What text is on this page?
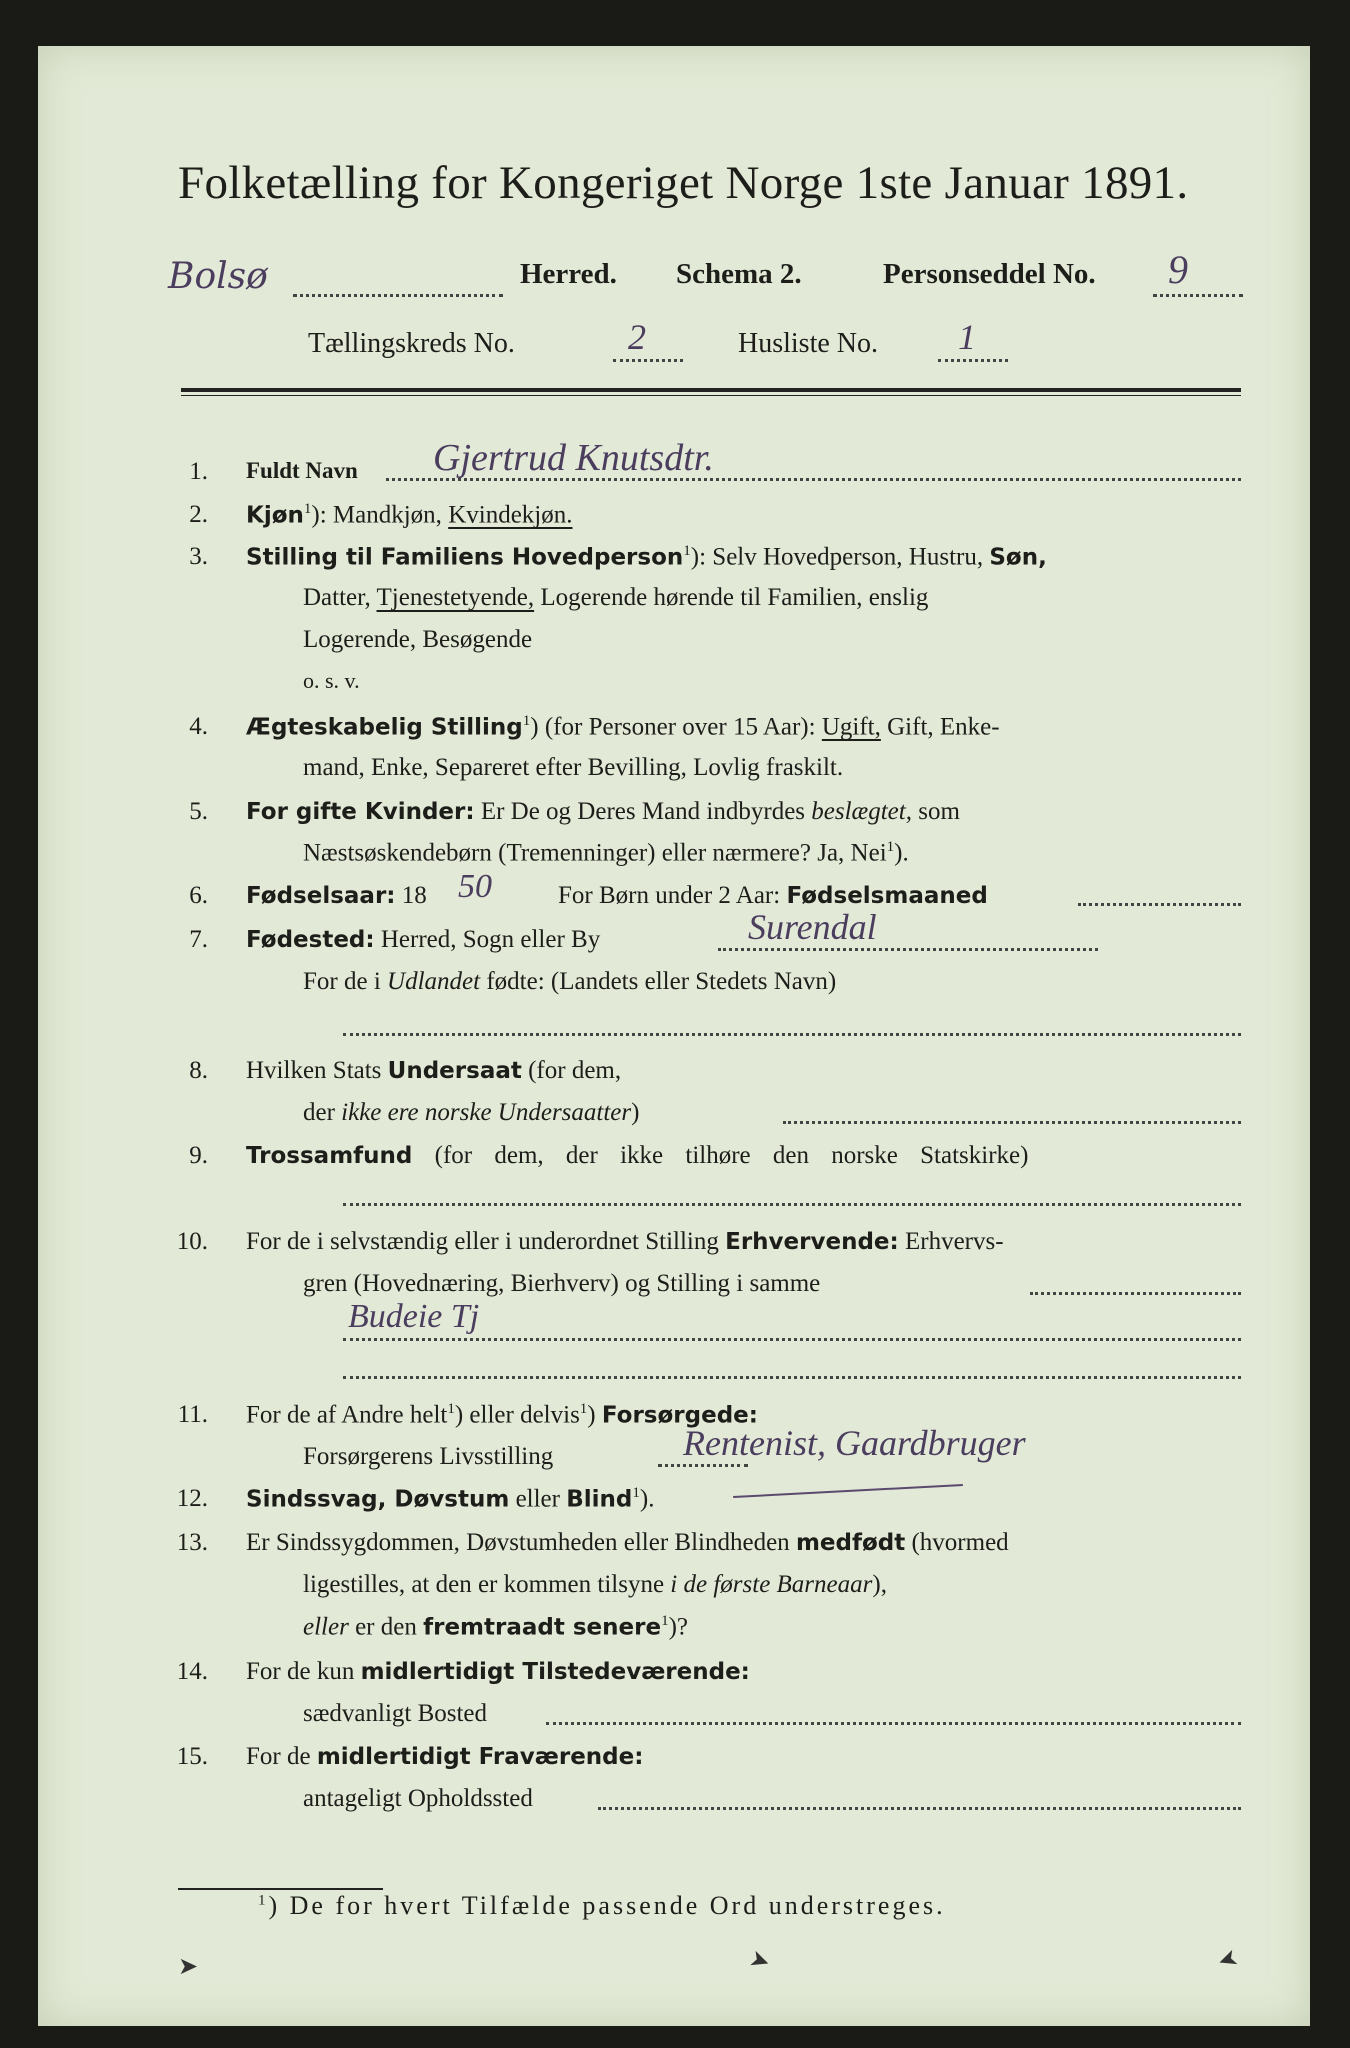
Folketælling for Kongeriget Norge 1ste Januar 1891.
Bolsø	Herred. Schema 2.	Personseddel No. 9
Tællingskreds No.	2	Husliste No. 1
1. Fuldt Navn Gjertrud Knutsdtr.
2. Kjøn$^1$): Mandkjøn, Kvindekjøn.
3. Stilling til Familiens Hovedperson$^1$): Selv Hovedperson, Hustru, Søn,
Datter, Tjenestetyende, Logerende hørende til Familien, enslig
Logerende, Besøgende
o. s. v.
4. Ægteskabelig Stilling$^1$) (for Personer over 15 Aar): Ugift, Gift, Enke-
mand, Enke, Separeret efter Bevilling, Lovlig fraskilt.
5. For gifte Kvinder: Er De og Deres Mand indbyrdes beslægtet, som
Næstsøskendebørn (Tremenninger) eller nærmere? Ja, Nei$^1$).
6. Fødselsaar: 18 50	For Børn under 2 Aar: Fødselsmaaned
7. Fødested: Herred, Sogn eller By	Surendal
For de i Udlandet fødte: (Landets eller Stedets Navn)
8. Hvilken Stats Undersaat (for dem,
der ikke ere norske Undersaatter)
9. Trossamfund (for dem, der ikke tilhøre den norske Statskirke)
10. For de i selvstændig eller i underordnet Stilling Erhvervende: Erhvervs-
gren (Hovednæring, Bierhverv) og Stilling i samme
Budeie Tj
11. For de af Andre helt$^1$) eller delvis$^1$) Forsørgede:
Forsørgerens Livsstilling	Rentenist, Gaardbruger
12. Sindssvag, Døvstum eller Blind$^1$).
13. Er Sindssygdommen, Døvstumheden eller Blindheden medfødt (hvormed
ligestilles, at den er kommen tilsyne i de første Barneaar),
eller er den fremtraadt senere$^1$)?
14. For de kun midlertidigt Tilstedeværende:
sædvanligt Bosted
15. For de midlertidigt Fraværende:
antageligt Opholdssted
$^1$) De for hvert Tilfælde passende Ord understreges.
➤	➤	➤
